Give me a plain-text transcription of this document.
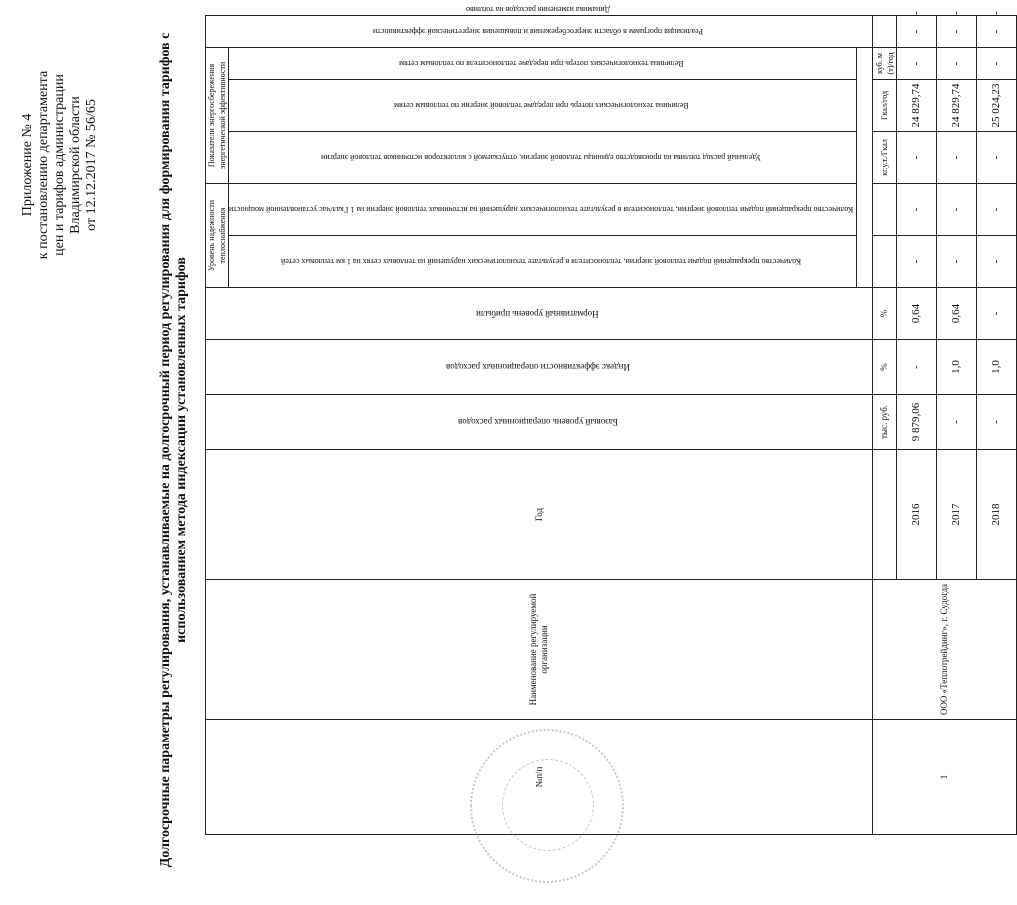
Приложение № 4 к постановлению департамента цен и тарифов администрации Владимирской области от 12.12.2017 № 56/65	Долгосрочные параметры регулирования, устанавливаемые на долгосрочный период регулирования для формирования тарифов с использованием метода индексации установленных тарифов
№п/п	Наименование регулируемой организации	Год	Базовый уровень операционных расходов	Индекс эффективности операционных расходов	Нормативный уровень прибыли	Уровень надежности теплоснабжения		Показатели энергосбережения энергетической эффективности			Реализация программ в области энергосбережения и повышения энергетической эффективности	Динамика изменения расходов на топливо
						Количество прекращений подачи тепловой энергии, теплоносителя в результате технологических нарушений на тепловых сетях на 1 км тепловых сетей	Количество прекращений подачи тепловой энергии, теплоносителя в результате технологических нарушений на источниках тепловой энергии на 1 Гкал/час установленной мощности	Удельный расход топлива на производство единицы тепловой энергии, отпускаемой с коллекторов источников тепловой энергии	Величина технологических потерь при передаче тепловой энергии по тепловым сетям	Величина технологических потерь при передаче теплоносителя по тепловым сетям		

1	ООО «Теплотрейдинг», г. Судогда		тыс. руб.	%	%			кг.у.т./Гкал	Гкал/год	куб. м (т)/год		
		2016	9 879,06	-	0,64	-	-	-	24 829,74	-	-	-
		2017	-	1,0	0,64	-	-	-	24 829,74	-	-	-
		2018	-	1,0	-	-	-	-	25 024,23	-	-	-
